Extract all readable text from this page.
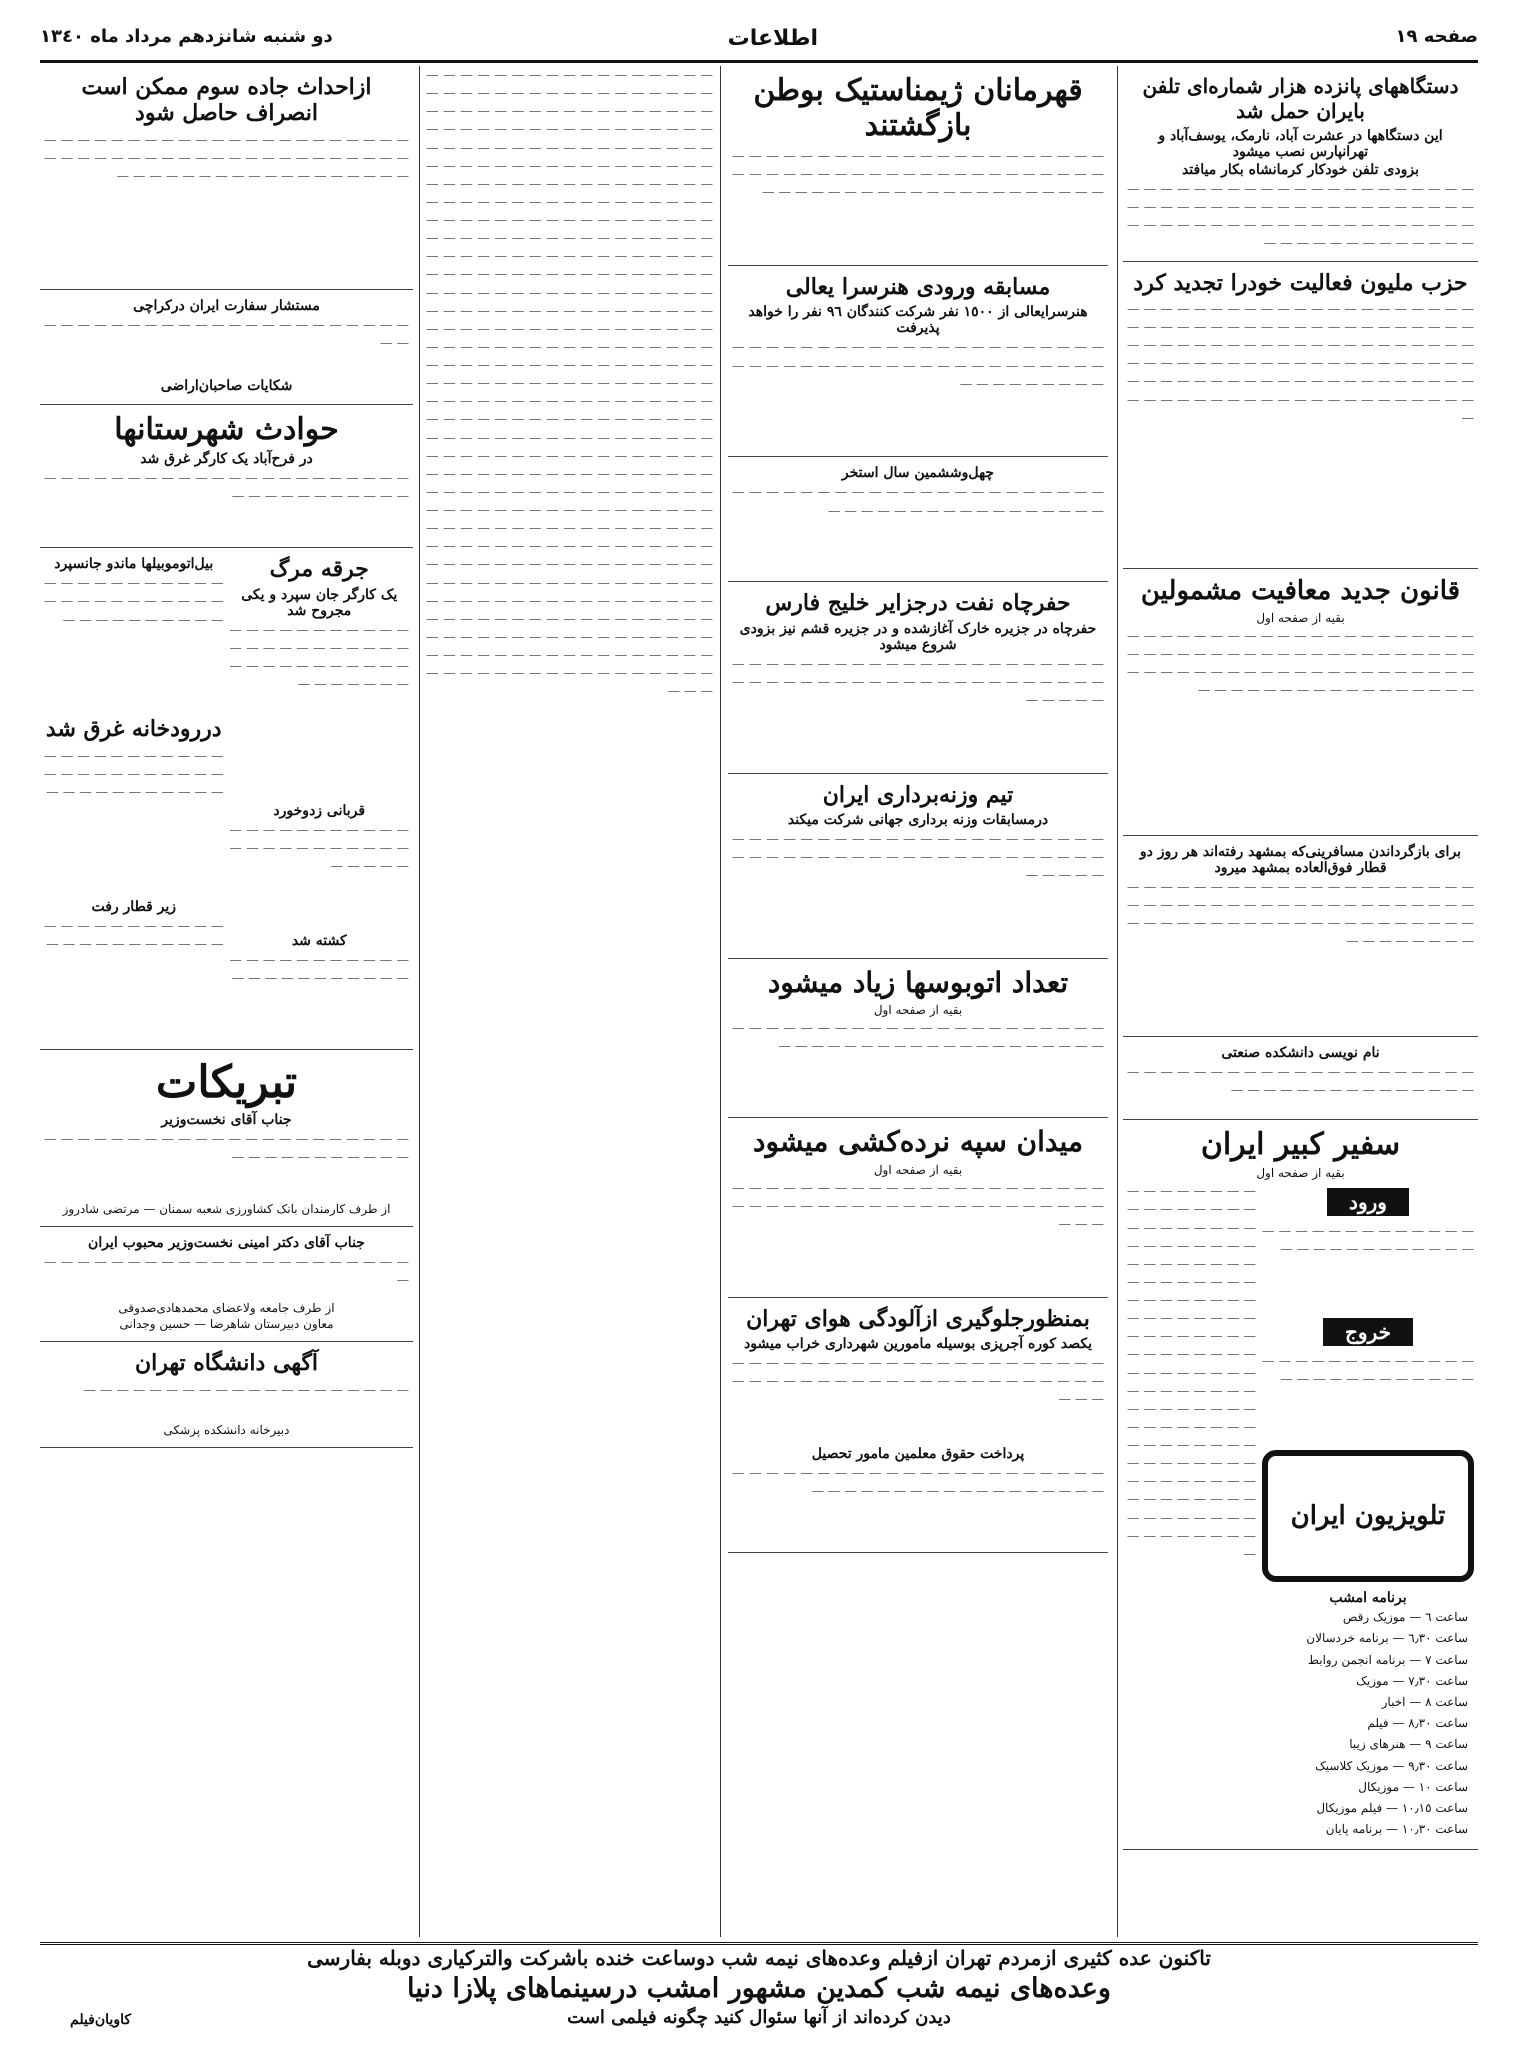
صفحه ١٩
اطلاعات
دو شنبه شانزدهم مرداد ماه ١٣٤٠
دستگاههای پانزده هزار شماره‌ای تلفن بایران حمل شد
این دستگاهها در عشرت آباد، نارمک، یوسف‌آباد و تهرانپارس نصب میشود
بزودی تلفن خودکار کرمانشاه بکار میافتد

— — — — — — — — — — — — — — — — — — — — — — — — — — — — — — — — — — — — — — — — — — — — — — — — — — — — — — — — — — — — — — — — — — — — — — — — — — — —

حزب ملیون فعالیت خودرا تجدید کرد

— — — — — — — — — — — — — — — — — — — — — — — — — — — — — — — — — — — — — — — — — — — — — — — — — — — — — — — — — — — — — — — — — — — — — — — — — — — — — — — — — — — — — — — — — — — — — — — — — — — — — — — — — — — — — — — — — — — — — — — — — — — — — — —

قانون جدید معافیت مشمولین
بقیه از صفحه اول

— — — — — — — — — — — — — — — — — — — — — — — — — — — — — — — — — — — — — — — — — — — — — — — — — — — — — — — — — — — — — — — — — — — — — — — — — — — — — — — —

برای بازگرداندن مسافرینی‌که بمشهد رفته‌اند هر روز دو قطار فوق‌العاده بمشهد میرود

— — — — — — — — — — — — — — — — — — — — — — — — — — — — — — — — — — — — — — — — — — — — — — — — — — — — — — — — — — — — — — — — — — — — — — —

نام نویسی دانشکده صنعتی

— — — — — — — — — — — — — — — — — — — — — — — — — — — — — — — — — — — —

سفیر کبیر ایران
بقیه از صفحه اول
ورود

— — — — — — — — — — — — — — — — — — — — — — — — —

خروج

— — — — — — — — — — — — — — — — — — — — — — — — —

تلویزیون ایران
برنامه امشب
ساعت ٦ — موزیک رقص
ساعت ٦٫٣٠ — برنامه خردسالان
ساعت ٧ — برنامه انجمن روابط
ساعت ٧٫٣٠ — موزیک
ساعت ٨ — اخبار
ساعت ٨٫٣٠ — فیلم
ساعت ٩ — هنرهای زیبا
ساعت ٩٫٣٠ — موزیک کلاسیک
ساعت ١٠ — موزیکال
ساعت ١٠٫١٥ — فیلم موزیکال
ساعت ١٠٫٣٠ — برنامه پایان

— — — — — — — — — — — — — — — — — — — — — — — — — — — — — — — — — — — — — — — — — — — — — — — — — — — — — — — — — — — — — — — — — — — — — — — — — — — — — — — — — — — — — — — — — — — — — — — — — — — — — — — — — — — — — — — — — — — — — — — — — — — — — — — — — — — — — — — — — — — — — — — — — — — — — — — — — — — — — — — — —

قهرمانان ژیمناستیک بوطن بازگشتند

— — — — — — — — — — — — — — — — — — — — — — — — — — — — — — — — — — — — — — — — — — — — — — — — — — — — — — — — — — — — — — — — —

مسابقه ورودی هنرسرا یعالی
هنرسرایعالی از ١٥٠٠ نفر شرکت کنندگان ٩٦ نفر را خواهد پذیرفت

— — — — — — — — — — — — — — — — — — — — — — — — — — — — — — — — — — — — — — — — — — — — — — — — — — — — —

چهل‌وششمین سال استخر

— — — — — — — — — — — — — — — — — — — — — — — — — — — — — — — — — — — — — — —

حفرچاه نفت درجزایر خلیج فارس
حفرچاه در جزیره خارک آغازشده و در جزیره قشم نیز بزودی شروع میشود

— — — — — — — — — — — — — — — — — — — — — — — — — — — — — — — — — — — — — — — — — — — — — — — — —

تیم وزنه‌برداری ایران
درمسابقات وزنه برداری جهانی شرکت میکند

— — — — — — — — — — — — — — — — — — — — — — — — — — — — — — — — — — — — — — — — — — — — — — — — —

تعداد اتوبوسها زیاد میشود
بقیه از صفحه اول

— — — — — — — — — — — — — — — — — — — — — — — — — — — — — — — — — — — — — — — — — —

میدان سپه نرده‌کشی میشود
بقیه از صفحه اول

— — — — — — — — — — — — — — — — — — — — — — — — — — — — — — — — — — — — — — — — — — — — — — —

بمنظورجلوگیری ازآلودگی هوای تهران
یکصد کوره آجرپزی بوسیله مامورین شهرداری خراب میشود

— — — — — — — — — — — — — — — — — — — — — — — — — — — — — — — — — — — — — — — — — — — — — — —

پرداخت حقوق معلمین مامور تحصیل

— — — — — — — — — — — — — — — — — — — — — — — — — — — — — — — — — — — — — — — —

— — — — — — — — — — — — — — — — — — — — — — — — — — — — — — — — — — — — — — — — — — — — — — — — — — — — — — — — — — — — — — — — — — — — — — — — — — — — — — — — — — — — — — — — — — — — — — — — — — — — — — — — — — — — — — — — — — — — — — — — — — — — — — — — — — — — — — — — — — — — — — — — — — — — — — — — — — — — — — — — — — — — — — — — — — — — — — — — — — — — — — — — — — — — — — — — — — — — — — — — — — — — — — — — — — — — — — — — — — — — — — — — — — — — — — — — — — — — — — — — — — — — — — — — — — — — — — — — — — — — — — — — — — — — — — — — — — — — — — — — — — — — — — — — — — — — — — — — — — — — — — — — — — — — — — — — — — — — — — — — — — — — — — — — — — — — — — — — — — — — — — — — — — — — — — — — — — — — — — — — — — — — — — — — — — — — — — — — — — — — — — — — — — — — — — — — — — — — — — — — — — — — — — — — — — — — — — — — — — — — — — — — — — — — — — — — — — — — — — — — — — — — — — — — — — — — — — — — — — — — — — — — — — — — — — — — — — — — — — — — — — — — — — — — — — — — — — — — — — — — — — — — — — — — — — — — — — — — — — — — — — — — — — — — — — — — — — — — — — — — — — — — — — — — — — — — — — — — — — — — — — — — — — — — — — — — — — — — — — — — —

ازاحداث جاده سوم ممکن است انصراف حاصل شود

— — — — — — — — — — — — — — — — — — — — — — — — — — — — — — — — — — — — — — — — — — — — — — — — — — — — — — — — — — — — — —

مستشار سفارت ایران درکراچی

— — — — — — — — — — — — — — — — — — — — — — — —

شکایات صاحبان‌اراضی
حوادث شهرستانها
در فرح‌آباد یک کارگر غرق شد

— — — — — — — — — — — — — — — — — — — — — — — — — — — — — — — — —

جرقه مرگ
یک کارگر جان سپرد و یکی مجروح شد

— — — — — — — — — — — — — — — — — — — — — — — — — — — — — — — — — — — — — — — —

قربانی زدوخورد

— — — — — — — — — — — — — — — — — — — — — — — — — — —

کشته شد

— — — — — — — — — — — — — — — — — — — — — —

بیل‌اتوموبیلها ماندو جانسپرد

— — — — — — — — — — — — — — — — — — — — — — — — — — — — — — — —

دررودخانه غرق شد

— — — — — — — — — — — — — — — — — — — — — — — — — — — — — — — — —

زیر قطار رفت

— — — — — — — — — — — — — — — — — — — — — —

تبریکات
جناب آقای نخست‌وزیر

— — — — — — — — — — — — — — — — — — — — — — — — — — — — — — — — —

از طرف کارمندان بانک کشاورزی شعبه سمنان — مرتضی شادروز
جناب آقای دکتر امینی نخست‌وزیر محبوب ایران

— — — — — — — — — — — — — — — — — — — — — — —

از طرف جامعه ولاعضای محمدهادی‌صدوقی
معاون دبیرستان شاهرضا — حسین وجدانی
آگهی دانشگاه تهران

— — — — — — — — — — — — — — — — — — — —

دبیرخانه دانشکده پزشکی
تاکنون عده کثیری ازمردم تهران ازفیلم وعده‌های نیمه شب دوساعت خنده باشرکت والترکیاری دوبله بفارسی
وعده‌های نیمه شب کمدین مشهور امشب درسینماهای پلازا دنیا
دیدن کرده‌اند از آنها سئوال کنید چگونه فیلمی است
کاویان‌فیلم
